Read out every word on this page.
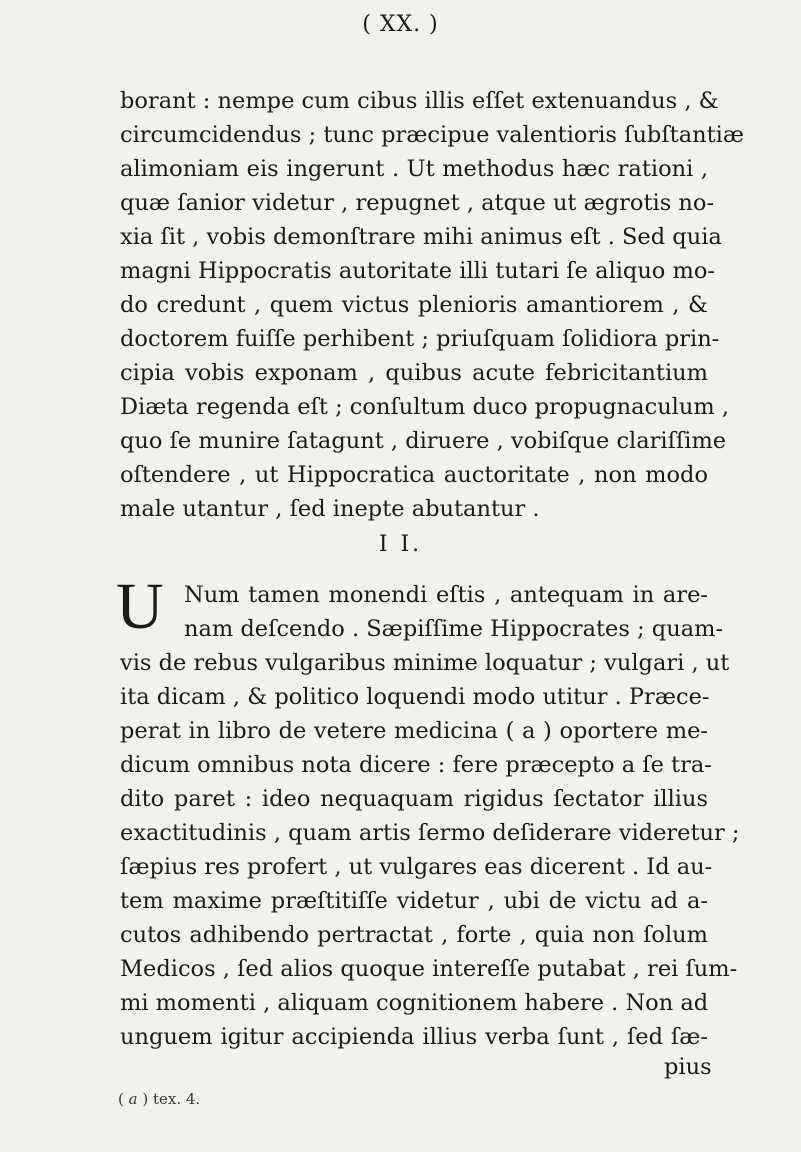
( XX. )
borant : nempe cum cibus illis eſſet extenuandus , &
circumcidendus ; tunc præcipue valentioris ſubſtantiæ
alimoniam eis ingerunt . Ut methodus hæc rationi ,
quæ ſanior videtur , repugnet , atque ut ægrotis no-
xia ſit , vobis demonſtrare mihi animus eſt . Sed quia
magni Hippocratis autoritate illi tutari ſe aliquo mo-
do credunt , quem victus plenioris amantiorem , &
doctorem fuiſſe perhibent ; priuſquam ſolidiora prin-
cipia vobis exponam , quibus acute febricitantium
Diæta regenda eſt ; conſultum duco propugnaculum ,
quo ſe munire ſatagunt , diruere , vobiſque clariſſime
oſtendere , ut Hippocratica auctoritate , non modo
male utantur , ſed inepte abutantur .
I I.
U Num tamen monendi eſtis , antequam in are-
nam deſcendo . Sæpiſſime Hippocrates ; quam-
vis de rebus vulgaribus minime loquatur ; vulgari , ut
ita dicam , & politico loquendi modo utitur . Præce-
perat in libro de vetere medicina ( a ) oportere me-
dicum omnibus nota dicere : fere præcepto a ſe tra-
dito paret : ideo nequaquam rigidus ſectator illius
exactitudinis , quam artis ſermo deſiderare videretur ;
ſæpius res profert , ut vulgares eas dicerent . Id au-
tem maxime præſtitiſſe videtur , ubi de victu ad a-
cutos adhibendo pertractat , forte , quia non ſolum
Medicos , ſed alios quoque intereſſe putabat , rei ſum-
mi momenti , aliquam cognitionem habere . Non ad
unguem igitur accipienda illius verba ſunt , ſed ſæ-
pius
( a ) tex. 4.
